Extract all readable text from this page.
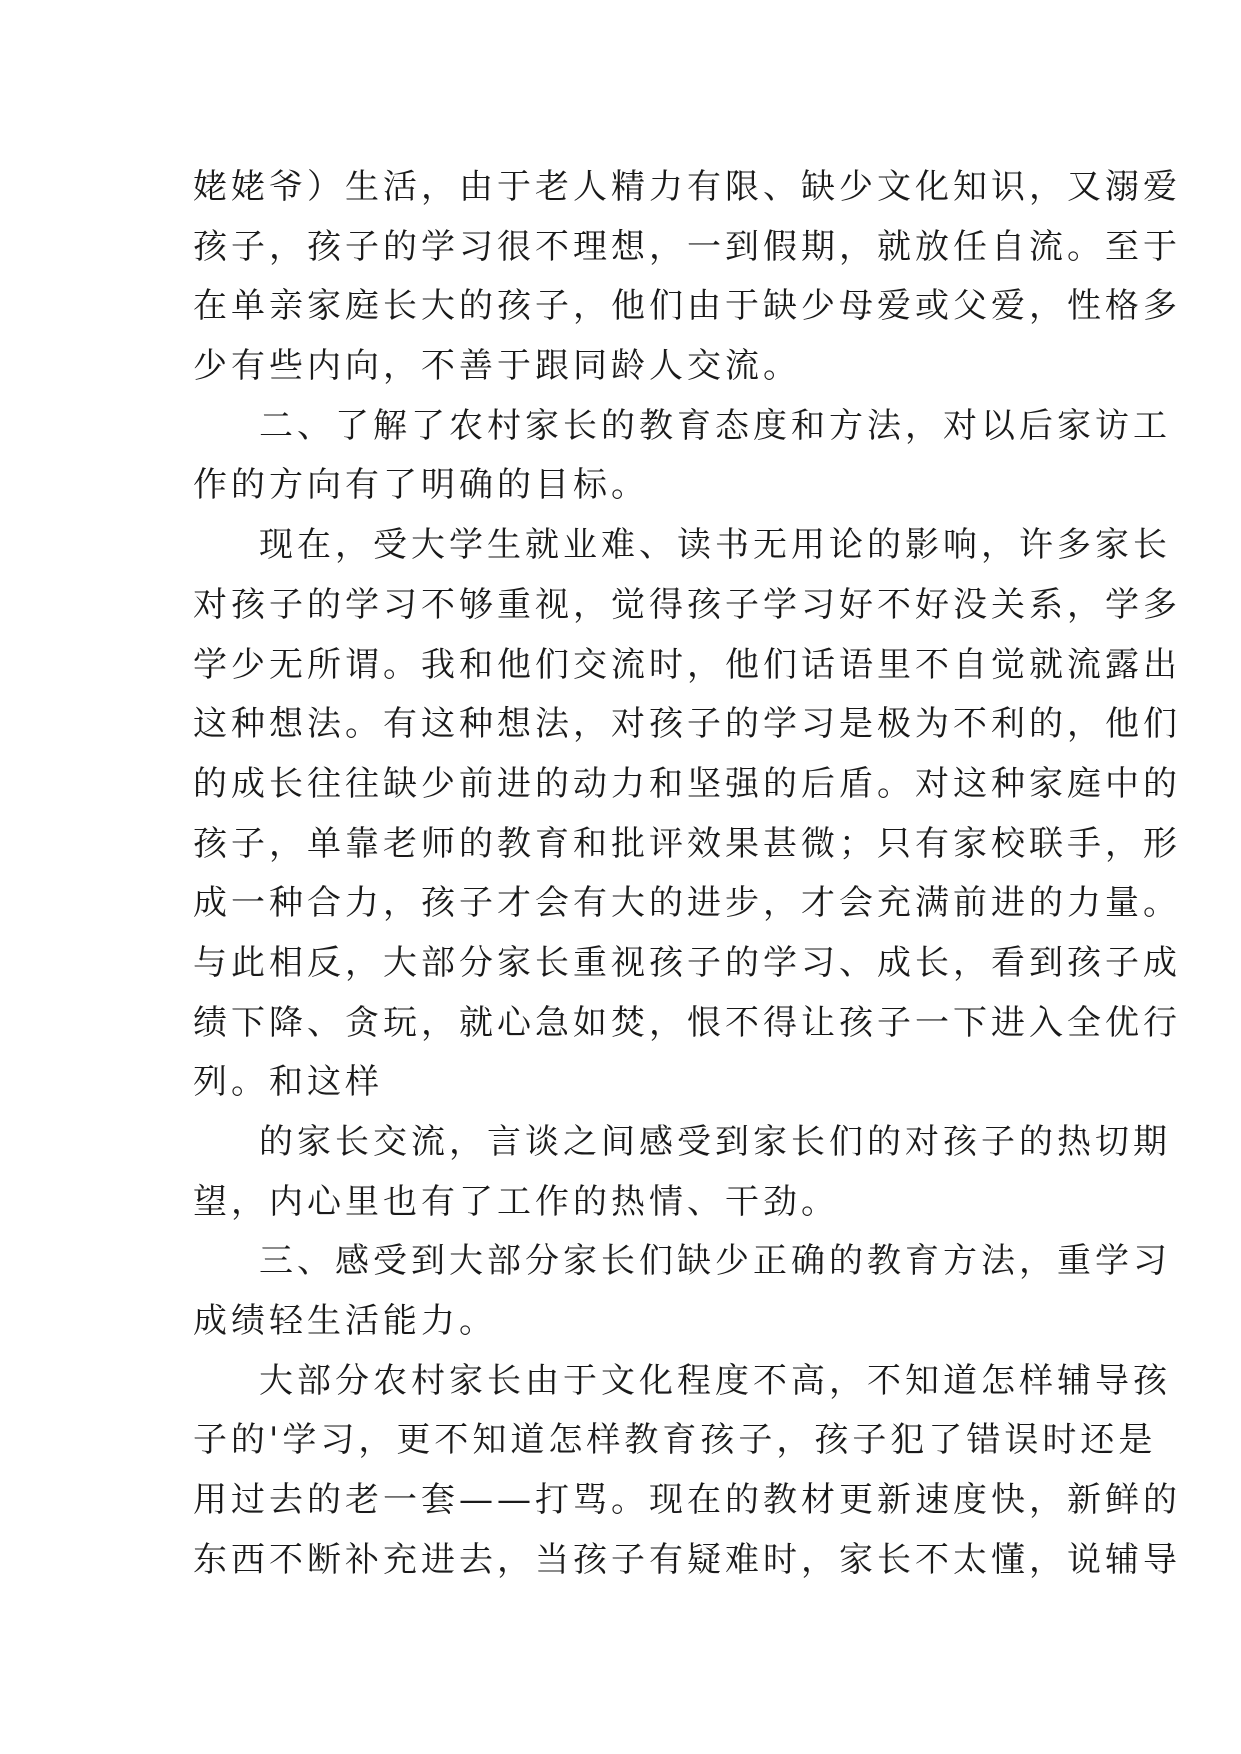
姥姥爷）生活，由于老人精力有限、缺少文化知识，又溺爱
孩子，孩子的学习很不理想，一到假期，就放任自流。至于
在单亲家庭长大的孩子，他们由于缺少母爱或父爱，性格多
少有些内向，不善于跟同龄人交流。
二、了解了农村家长的教育态度和方法，对以后家访工
作的方向有了明确的目标。
现在，受大学生就业难、读书无用论的影响，许多家长
对孩子的学习不够重视，觉得孩子学习好不好没关系，学多
学少无所谓。我和他们交流时，他们话语里不自觉就流露出
这种想法。有这种想法，对孩子的学习是极为不利的，他们
的成长往往缺少前进的动力和坚强的后盾。对这种家庭中的
孩子，单靠老师的教育和批评效果甚微；只有家校联手，形
成一种合力，孩子才会有大的进步，才会充满前进的力量。
与此相反，大部分家长重视孩子的学习、成长，看到孩子成
绩下降、贪玩，就心急如焚，恨不得让孩子一下进入全优行
列。和这样
的家长交流，言谈之间感受到家长们的对孩子的热切期
望，内心里也有了工作的热情、干劲。
三、感受到大部分家长们缺少正确的教育方法，重学习
成绩轻生活能力。
大部分农村家长由于文化程度不高，不知道怎样辅导孩
子的'学习，更不知道怎样教育孩子，孩子犯了错误时还是
用过去的老一套——打骂。现在的教材更新速度快，新鲜的
东西不断补充进去，当孩子有疑难时，家长不太懂，说辅导
